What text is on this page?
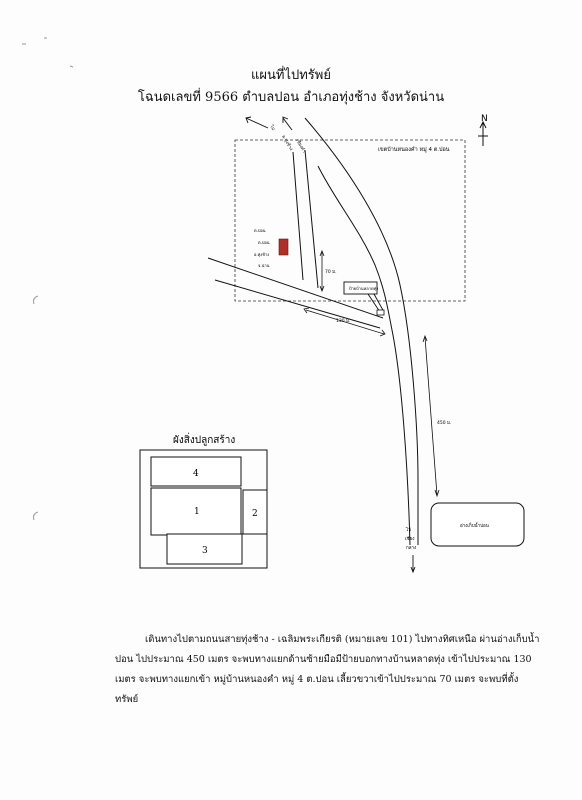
แผนที่ไปทรัพย์
โฉนดเลขที่ 9566 ตำบลปอน อำเภอทุ่งช้าง จังหวัดน่าน
N
เขตบ้านหนองคำ หมู่ 4 ต.ปอน
ไป
อ.ทุ่งช้าง เชียงคำ
ต.ปอน
ต.ปอน
อ.ทุ่งช้าง
จ.น่าน
70 ม.
ป้ายบ้านหลาดทุ่ง
130 ม.
450 ม.
อ่างเก็บน้ำปอน
ไป
เชียง
กลาง
ผังสิ่งปลูกสร้าง
4
1	2
3
เดินทางไปตามถนนสายทุ่งช้าง - เฉลิมพระเกียรติ (หมายเลข 101) ไปทางทิศเหนือ ผ่านอ่างเก็บน้ำปอน ไปประมาณ 450 เมตร จะพบทางแยกด้านซ้ายมือมีป้ายบอกทางบ้านหลาดทุ่ง เข้าไปประมาณ 130 เมตร จะพบทางแยกเข้า หมู่บ้านหนองคำ หมู่ 4 ต.ปอน เลี้ยวขวาเข้าไปประมาณ 70 เมตร จะพบที่ตั้งทรัพย์
